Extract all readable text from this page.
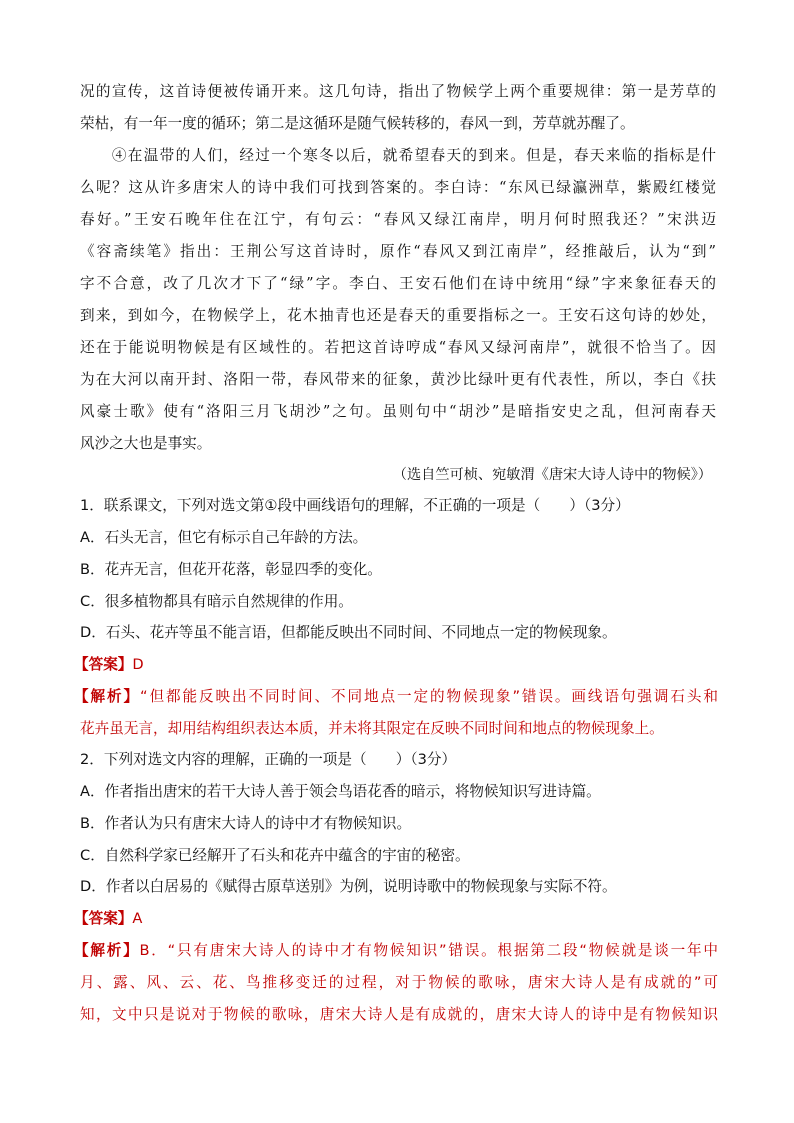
况的宣传，这首诗便被传诵开来。这几句诗，指出了物候学上两个重要规律：第一是芳草的

荣枯，有一年一度的循环；第二是这循环是随气候转移的，春风一到，芳草就苏醒了。

　　④在温带的人们，经过一个寒冬以后，就希望春天的到来。但是，春天来临的指标是什

么呢？这从许多唐宋人的诗中我们可找到答案的。李白诗：“东风已绿瀛洲草，紫殿红楼觉

春好。”王安石晚年住在江宁，有句云：“春风又绿江南岸，明月何时照我还？”宋洪迈

《容斋续笔》指出：王荆公写这首诗时，原作“春风又到江南岸”，经推敲后，认为“到”

字不合意，改了几次才下了“绿”字。李白、王安石他们在诗中统用“绿”字来象征春天的

到来，到如今，在物候学上，花木抽青也还是春天的重要指标之一。王安石这句诗的妙处，

还在于能说明物候是有区域性的。若把这首诗哼成“春风又绿河南岸”，就很不恰当了。因

为在大河以南开封、洛阳一带，春风带来的征象，黄沙比绿叶更有代表性，所以，李白《扶

风豪士歌》使有“洛阳三月飞胡沙”之句。虽则句中“胡沙”是暗指安史之乱，但河南春天

风沙之大也是事实。

（选自竺可桢、宛敏渭《唐宋大诗人诗中的物候》）
1．联系课文，下列对选文第①段中画线语句的理解，不正确的一项是（　　）（3分）
A．石头无言，但它有标示自己年龄的方法。
B．花卉无言，但花开花落，彰显四季的变化。
C．很多植物都具有暗示自然规律的作用。
D．石头、花卉等虽不能言语，但都能反映出不同时间、不同地点一定的物候现象。
【答案】D
【解析】“但都能反映出不同时间、不同地点一定的物候现象”错误。画线语句强调石头和
花卉虽无言，却用结构组织表达本质，并未将其限定在反映不同时间和地点的物候现象上。
2．下列对选文内容的理解，正确的一项是（　　）（3分）
A．作者指出唐宋的若干大诗人善于领会鸟语花香的暗示，将物候知识写进诗篇。
B．作者认为只有唐宋大诗人的诗中才有物候知识。
C．自然科学家已经解开了石头和花卉中蕴含的宇宙的秘密。
D．作者以白居易的《赋得古原草送别》为例，说明诗歌中的物候现象与实际不符。
【答案】A
【解析】B．“只有唐宋大诗人的诗中才有物候知识”错误。根据第二段“物候就是谈一年中
月、露、风、云、花、鸟推移变迁的过程，对于物候的歌咏，唐宋大诗人是有成就的”可
知，文中只是说对于物候的歌咏，唐宋大诗人是有成就的，唐宋大诗人的诗中是有物候知识
